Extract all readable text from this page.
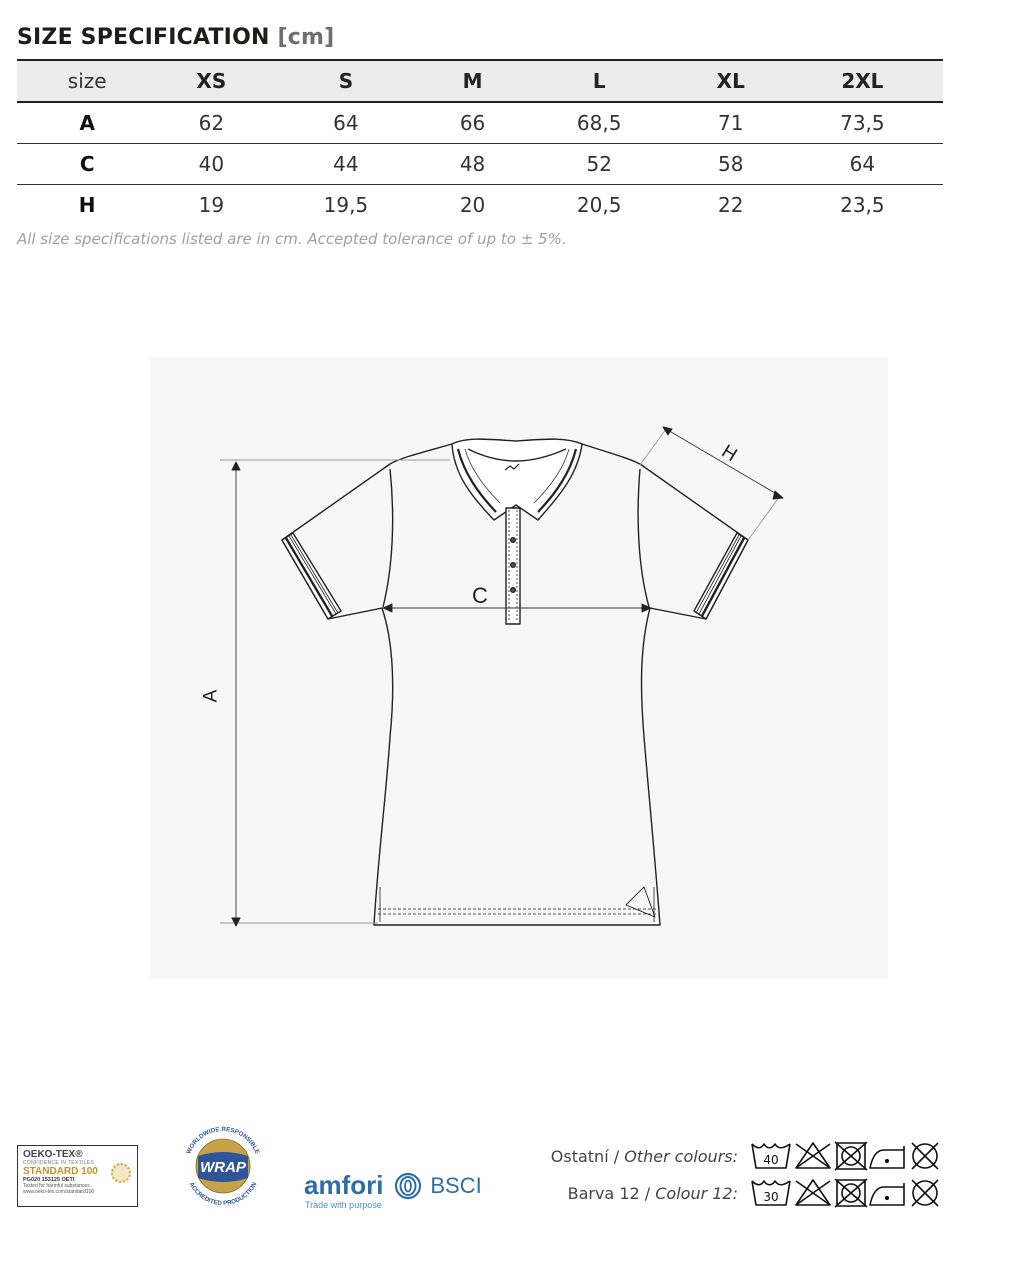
SIZE SPECIFICATION [cm]
size	XS	S	M	L	XL	2XL
A	62	64	66	68,5	71	73,5
C	40	44	48	52	58	64
H	19	19,5	20	20,5	22	23,5
All size specifications listed are in cm. Accepted tolerance of up to ± 5%.
A
C
H
OEKO-TEX®
CONFIDENCE IN TEXTILES
STANDARD 100
PG020 153125 OETI
Tested for harmful substances.
www.oeko-tex.com/standard100
WRAP
WORLDWIDE RESPONSIBLE
ACCREDITED PRODUCTION amfori BSCI
Trade with purpose
Ostatní / Other colours: 40
Barva 12 / Colour 12: 30
